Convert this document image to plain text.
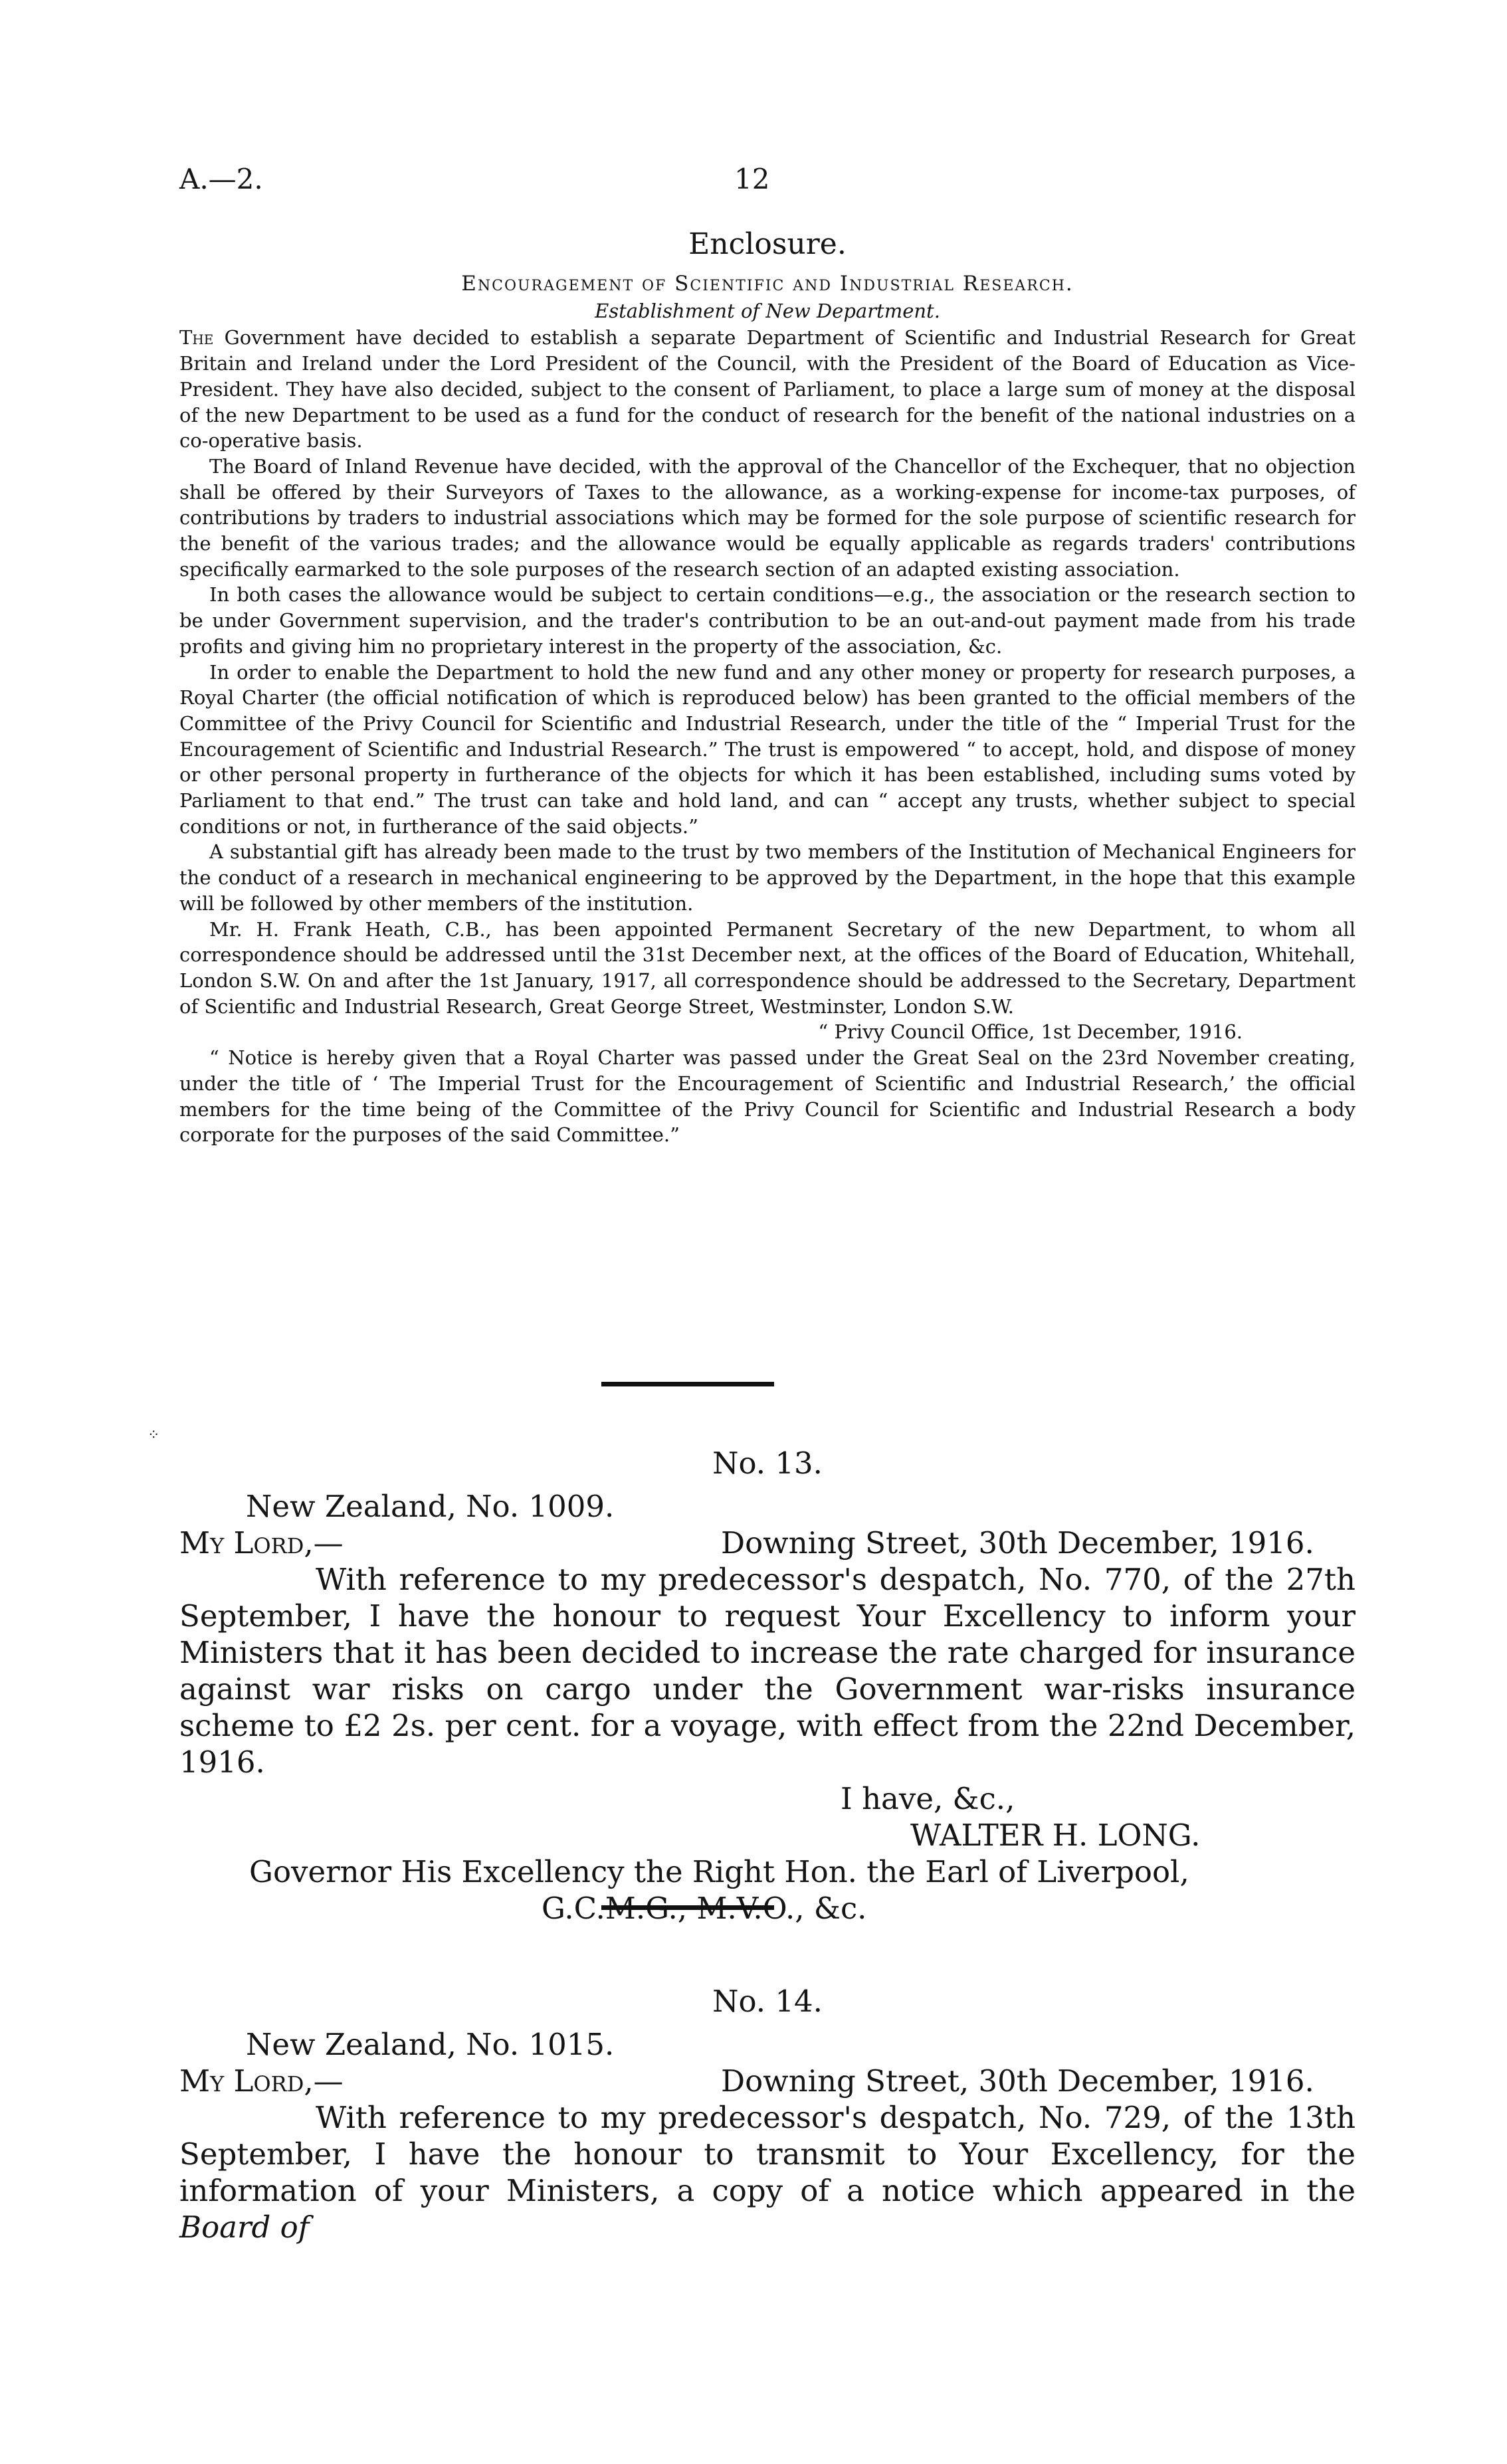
A.—2.	12
Enclosure.
Encouragement of Scientific and Industrial Research.
Establishment of New Department.

The Government have decided to establish a separate Department of Scientific and Industrial Research for Great Britain and Ireland under the Lord President of the Council, with the President of the Board of Education as Vice-President. They have also decided, subject to the consent of Parliament, to place a large sum of money at the disposal of the new Department to be used as a fund for the conduct of research for the benefit of the national industries on a co-operative basis.

The Board of Inland Revenue have decided, with the approval of the Chancellor of the Exchequer, that no objection shall be offered by their Surveyors of Taxes to the allowance, as a working-expense for income-tax purposes, of contributions by traders to industrial associations which may be formed for the sole purpose of scientific research for the benefit of the various trades; and the allowance would be equally applicable as regards traders' contributions specifically earmarked to the sole purposes of the research section of an adapted existing association.

In both cases the allowance would be subject to certain conditions—e.g., the association or the research section to be under Government supervision, and the trader's contribution to be an out-and-out payment made from his trade profits and giving him no proprietary interest in the property of the association, &c.

In order to enable the Department to hold the new fund and any other money or property for research purposes, a Royal Charter (the official notification of which is reproduced below) has been granted to the official members of the Committee of the Privy Council for Scientific and Industrial Research, under the title of the “ Imperial Trust for the Encouragement of Scientific and Industrial Research.” The trust is empowered “ to accept, hold, and dispose of money or other personal property in furtherance of the objects for which it has been established, including sums voted by Parliament to that end.” The trust can take and hold land, and can “ accept any trusts, whether subject to special conditions or not, in furtherance of the said objects.”

A substantial gift has already been made to the trust by two members of the Institution of Mechanical Engineers for the conduct of a research in mechanical engineering to be approved by the Department, in the hope that this example will be followed by other members of the institution.

Mr. H. Frank Heath, C.B., has been appointed Permanent Secretary of the new Department, to whom all correspondence should be addressed until the 31st December next, at the offices of the Board of Education, Whitehall, London S.W. On and after the 1st January, 1917, all correspondence should be addressed to the Secretary, Department of Scientific and Industrial Research, Great George Street, Westminster, London S.W.

“ Privy Council Office, 1st December, 1916.

“ Notice is hereby given that a Royal Charter was passed under the Great Seal on the 23rd November creating, under the title of ‘ The Imperial Trust for the Encouragement of Scientific and Industrial Research,’ the official members for the time being of the Committee of the Privy Council for Scientific and Industrial Research a body corporate for the purposes of the said Committee.”

⁘
No. 13.
New Zealand, No. 1009.
My Lord,—	Downing Street, 30th December, 1916.

With reference to my predecessor's despatch, No. 770, of the 27th September, I have the honour to request Your Excellency to inform your Ministers that it has been decided to increase the rate charged for insurance against war risks on cargo under the Government war-risks insurance scheme to £2 2s. per cent. for a voyage, with effect from the 22nd December, 1916.

I have, &c.,
WALTER H. LONG.
Governor His Excellency the Right Hon. the Earl of Liverpool,
G.C.M.G., M.V.O., &c.
No. 14.
New Zealand, No. 1015.
My Lord,—	Downing Street, 30th December, 1916.

With reference to my predecessor's despatch, No. 729, of the 13th September, I have the honour to transmit to Your Excellency, for the information of your Ministers, a copy of a notice which appeared in the Board of
